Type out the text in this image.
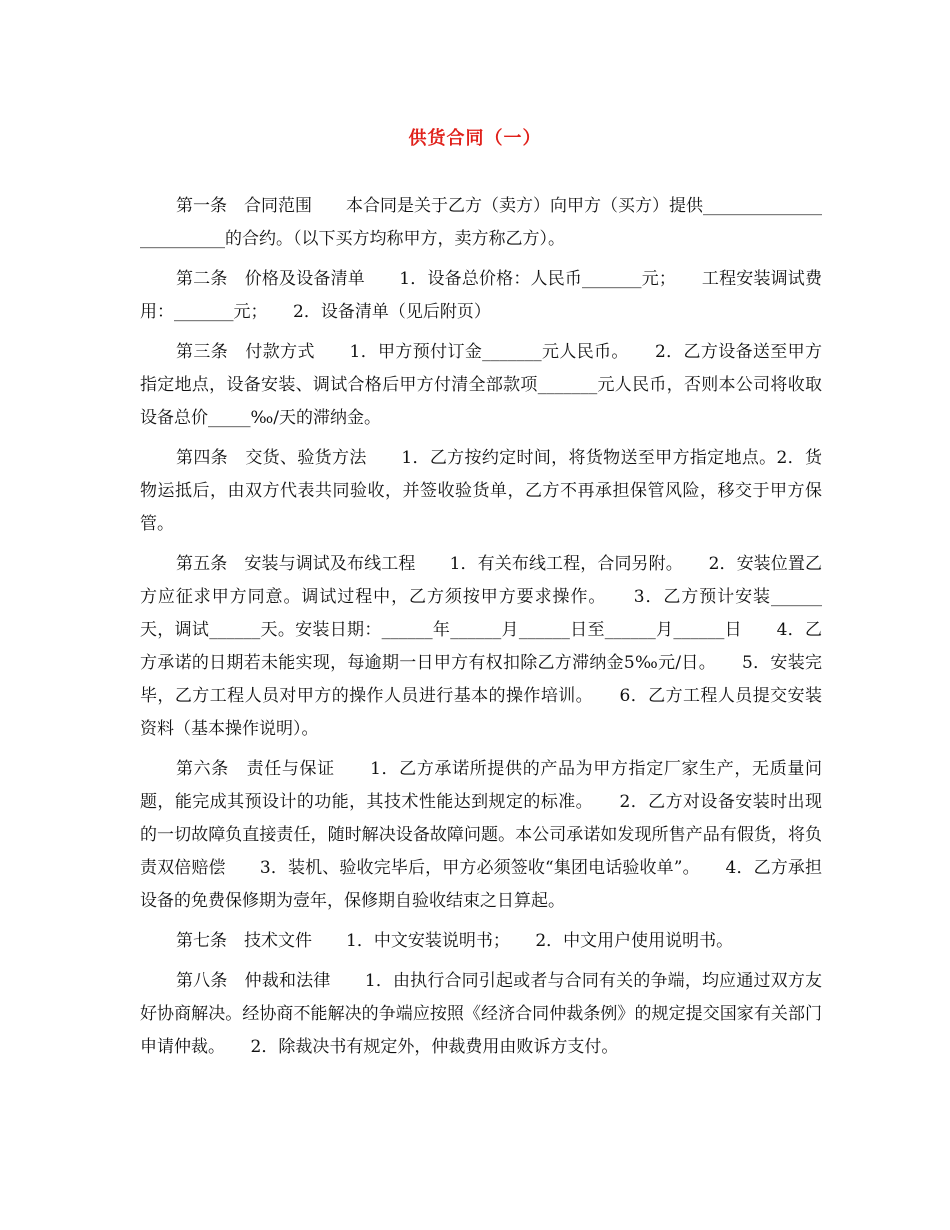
供货合同（一）

第一条　合同范围　　本合同是关于乙方（卖方）向甲方（买方）提供________________________的合约。（以下买方均称甲方，卖方称乙方）。

第二条　价格及设备清单　　1．设备总价格：人民币_______元；　　工程安装调试费用：_______元；　　2．设备清单（见后附页）

第三条　付款方式　　1．甲方预付订金_______元人民币。　　2．乙方设备送至甲方指定地点，设备安装、调试合格后甲方付清全部款项_______元人民币，否则本公司将收取设备总价_____‰/天的滞纳金。

第四条　交货、验货方法　　1．乙方按约定时间，将货物送至甲方指定地点。2．货物运抵后，由双方代表共同验收，并签收验货单，乙方不再承担保管风险，移交于甲方保管。

第五条　安装与调试及布线工程　　1．有关布线工程，合同另附。　　2．安装位置乙方应征求甲方同意。调试过程中，乙方须按甲方要求操作。　　3．乙方预计安装______天，调试______天。安装日期：______年______月______日至______月______日　　4．乙方承诺的日期若未能实现，每逾期一日甲方有权扣除乙方滞纳金5‰元/日。　　5．安装完毕，乙方工程人员对甲方的操作人员进行基本的操作培训。　　6．乙方工程人员提交安装资料（基本操作说明）。

第六条　责任与保证　　1．乙方承诺所提供的产品为甲方指定厂家生产，无质量问题，能完成其预设计的功能，其技术性能达到规定的标准。　　2．乙方对设备安装时出现的一切故障负直接责任，随时解决设备故障问题。本公司承诺如发现所售产品有假货，将负责双倍赔偿　　3．装机、验收完毕后，甲方必须签收“集团电话验收单”。　　4．乙方承担设备的免费保修期为壹年，保修期自验收结束之日算起。

第七条　技术文件　　1．中文安装说明书；　　2．中文用户使用说明书。

第八条　仲裁和法律　　1．由执行合同引起或者与合同有关的争端，均应通过双方友好协商解决。经协商不能解决的争端应按照《经济合同仲裁条例》的规定提交国家有关部门申请仲裁。　　2．除裁决书有规定外，仲裁费用由败诉方支付。
